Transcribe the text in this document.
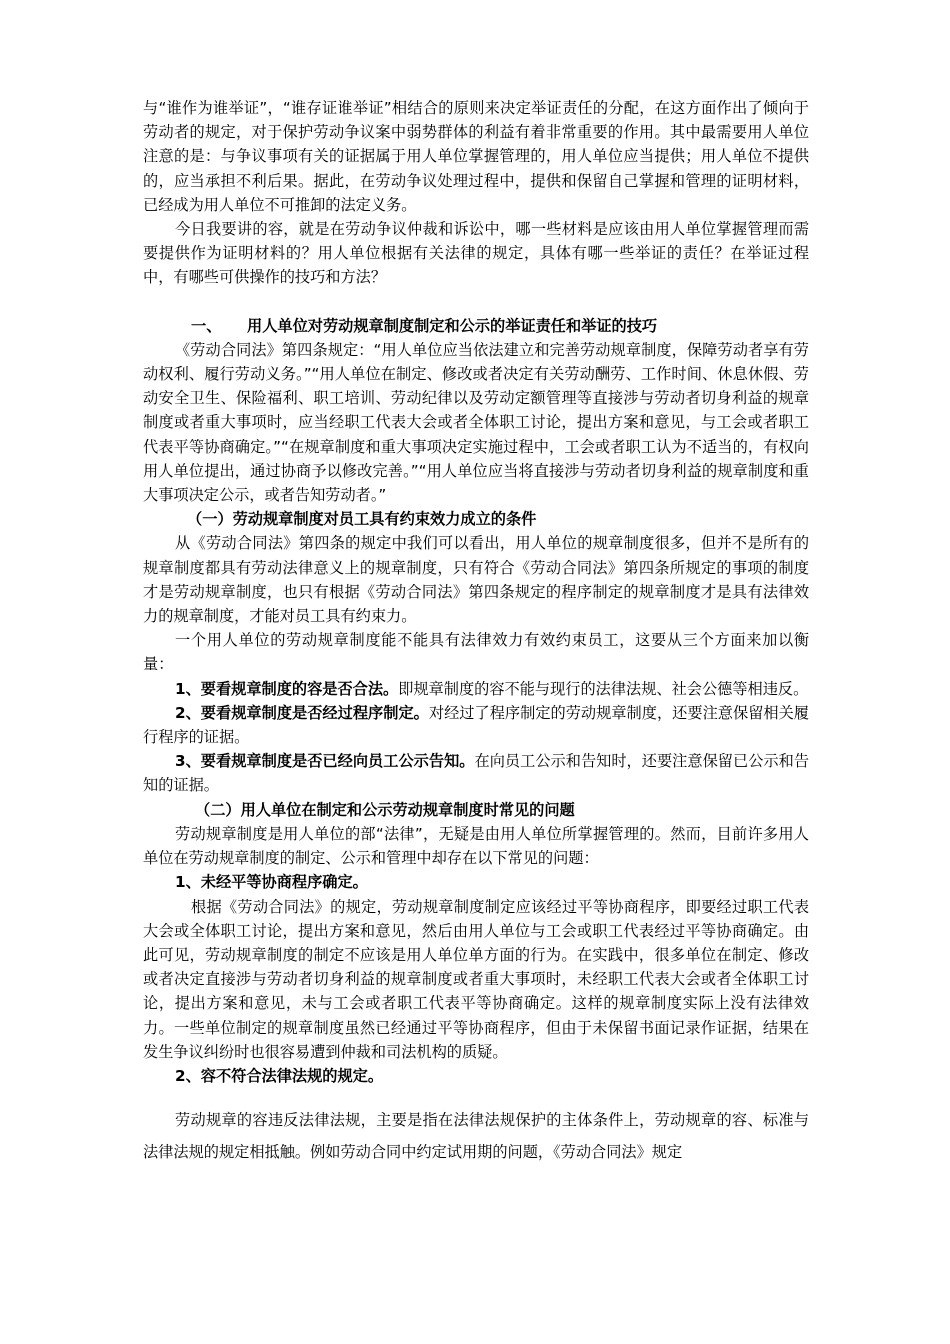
与“谁作为谁举证”，“谁存证谁举证”相结合的原则来决定举证责任的分配，在这方面作出了倾向于劳动者的规定，对于保护劳动争议案中弱势群体的利益有着非常重要的作用。其中最需要用人单位注意的是：与争议事项有关的证据属于用人单位掌握管理的，用人单位应当提供；用人单位不提供的，应当承担不利后果。据此，在劳动争议处理过程中，提供和保留自己掌握和管理的证明材料，已经成为用人单位不可推卸的法定义务。

今日我要讲的容，就是在劳动争议仲裁和诉讼中，哪一些材料是应该由用人单位掌握管理而需要提供作为证明材料的？用人单位根据有关法律的规定，具体有哪一些举证的责任？在举证过程中，有哪些可供操作的技巧和方法？

一、 用人单位对劳动规章制度制定和公示的举证责任和举证的技巧

《劳动合同法》第四条规定：“用人单位应当依法建立和完善劳动规章制度，保障劳动者享有劳动权利、履行劳动义务。”“用人单位在制定、修改或者决定有关劳动酬劳、工作时间、休息休假、劳动安全卫生、保险福利、职工培训、劳动纪律以及劳动定额管理等直接涉与劳动者切身利益的规章制度或者重大事项时，应当经职工代表大会或者全体职工讨论，提出方案和意见，与工会或者职工代表平等协商确定。”“在规章制度和重大事项决定实施过程中，工会或者职工认为不适当的，有权向用人单位提出，通过协商予以修改完善。”“用人单位应当将直接涉与劳动者切身利益的规章制度和重大事项决定公示，或者告知劳动者。”

（一）劳动规章制度对员工具有约束效力成立的条件

从《劳动合同法》第四条的规定中我们可以看出，用人单位的规章制度很多，但并不是所有的规章制度都具有劳动法律意义上的规章制度，只有符合《劳动合同法》第四条所规定的事项的制度才是劳动规章制度，也只有根据《劳动合同法》第四条规定的程序制定的规章制度才是具有法律效力的规章制度，才能对员工具有约束力。

一个用人单位的劳动规章制度能不能具有法律效力有效约束员工，这要从三个方面来加以衡量：

1、要看规章制度的容是否合法。即规章制度的容不能与现行的法律法规、社会公德等相违反。

2、要看规章制度是否经过程序制定。对经过了程序制定的劳动规章制度，还要注意保留相关履行程序的证据。

3、要看规章制度是否已经向员工公示告知。在向员工公示和告知时，还要注意保留已公示和告知的证据。

（二）用人单位在制定和公示劳动规章制度时常见的问题

劳动规章制度是用人单位的部“法律”，无疑是由用人单位所掌握管理的。然而，目前许多用人单位在劳动规章制度的制定、公示和管理中却存在以下常见的问题：

1、未经平等协商程序确定。

根据《劳动合同法》的规定，劳动规章制度制定应该经过平等协商程序，即要经过职工代表大会或全体职工讨论，提出方案和意见，然后由用人单位与工会或职工代表经过平等协商确定。由此可见，劳动规章制度的制定不应该是用人单位单方面的行为。在实践中，很多单位在制定、修改或者决定直接涉与劳动者切身利益的规章制度或者重大事项时，未经职工代表大会或者全体职工讨论，提出方案和意见，未与工会或者职工代表平等协商确定。这样的规章制度实际上没有法律效力。一些单位制定的规章制度虽然已经通过平等协商程序，但由于未保留书面记录作证据，结果在发生争议纠纷时也很容易遭到仲裁和司法机构的质疑。

2、容不符合法律法规的规定。

劳动规章的容违反法律法规，主要是指在法律法规保护的主体条件上，劳动规章的容、标准与法律法规的规定相抵触。例如劳动合同中约定试用期的问题，《劳动合同法》规定
